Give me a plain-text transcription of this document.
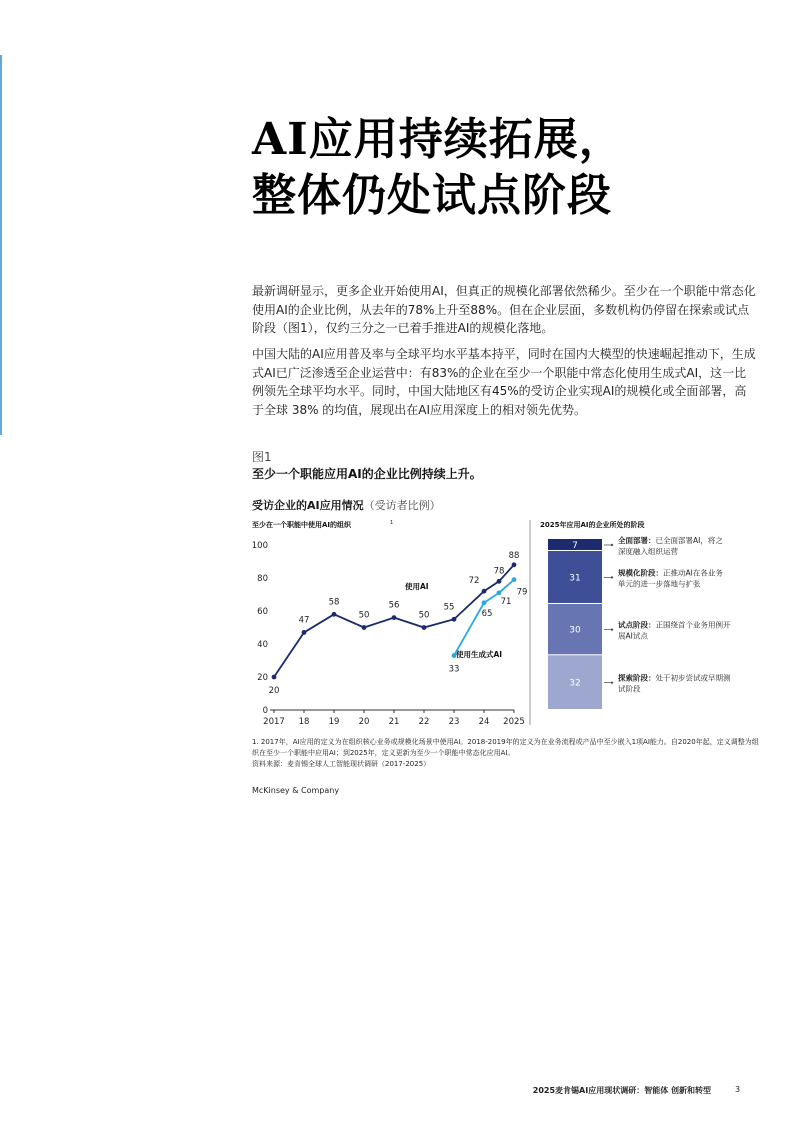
AI应用持续拓展，
整体仍处试点阶段

最新调研显示，更多企业开始使用AI，但真正的规模化部署依然稀少。至少在一个职能中常态化使用AI的企业比例，从去年的78%上升至88%。但在企业层面，多数机构仍停留在探索或试点阶段（图1），仅约三分之一已着手推进AI的规模化落地。

中国大陆的AI应用普及率与全球平均水平基本持平，同时在国内大模型的快速崛起推动下，生成式AI已广泛渗透至企业运营中：有83%的企业在至少一个职能中常态化使用生成式AI，这一比例领先全球平均水平。同时，中国大陆地区有45%的受访企业实现AI的规模化或全面部署，高于全球 38% 的均值，展现出在AI应用深度上的相对领先优势。

图1
至少一个职能应用AI的企业比例持续上升。
受访企业的AI应用情况（受访者比例）
至少在一个职能中使用AI的组织	1
0
20
40
60
80
100
2017 18 19 20 21 22 23 24 2025
20
47
58
50
56
50
55
72
78
88
33
65
71
79
使用AI
使用生成式AI
2025年应用AI的企业所处的阶段
7
全面部署：已全面部署AI，将之
深度融入组织运营
31
规模化阶段：正推动AI在各业务
单元的进一步落地与扩张
30
试点阶段：正围绕首个业务用例开
展AI试点
32
探索阶段：处于初步尝试或早期测
试阶段
1. 2017年，AI应用的定义为在组织核心业务或规模化场景中使用AI。2018-2019年的定义为在业务流程或产品中至少嵌入1项AI能力。自2020年起，定义调整为组织在至少一个职能中应用AI；到2025年，定义更新为至少一个职能中常态化应用AI。
资料来源：麦肯锡全球人工智能现状调研（2017-2025）
McKinsey & Company
2025麦肯锡AI应用现状调研：智能体 创新和转型	3
